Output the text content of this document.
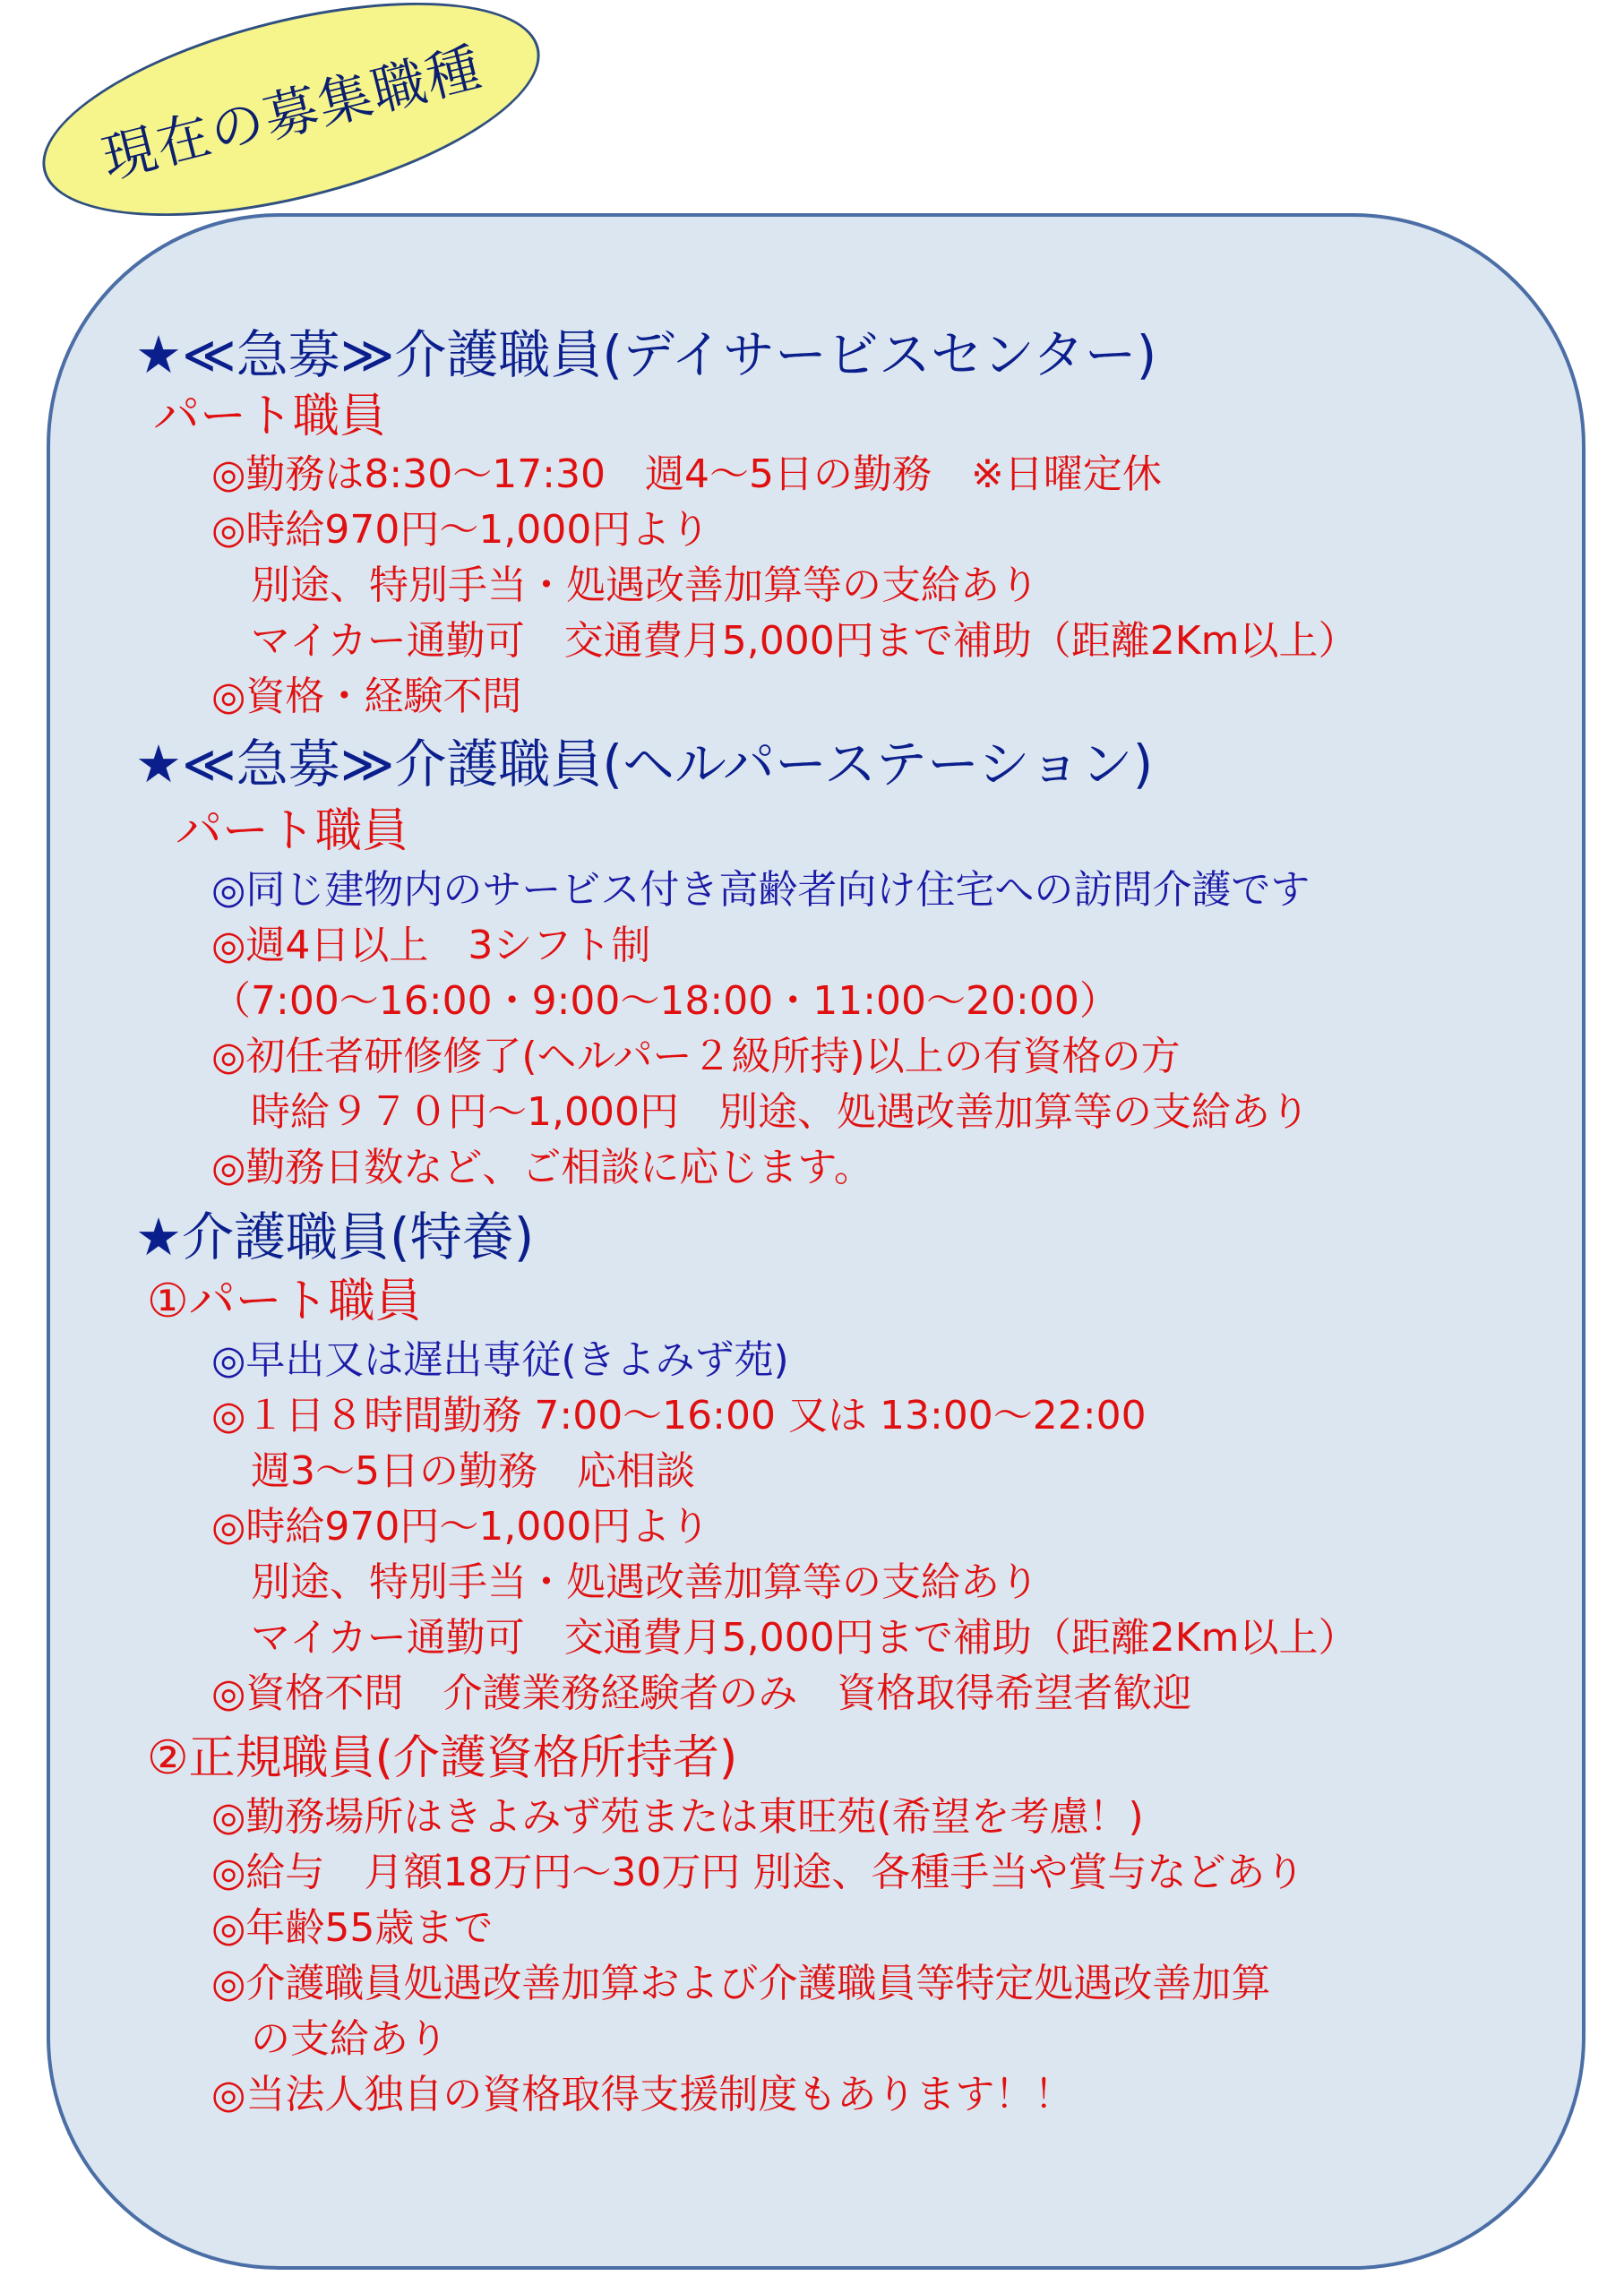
現在の募集職種
★≪急募≫介護職員(デイサービスセンター)
パート職員
◎勤務は8:30〜17:30　週4〜5日の勤務　※日曜定休
◎時給970円〜1,000円より
　別途、特別手当・処遇改善加算等の支給あり
　マイカー通勤可　交通費月5,000円まで補助（距離2Km以上）
◎資格・経験不問
★≪急募≫介護職員(ヘルパーステーション)
パート職員
◎同じ建物内のサービス付き高齢者向け住宅への訪問介護です
◎週4日以上　3シフト制
（7:00〜16:00・9:00〜18:00・11:00〜20:00）
◎初任者研修修了(ヘルパー２級所持)以上の有資格の方
　時給９７０円〜1,000円　別途、処遇改善加算等の支給あり
◎勤務日数など、ご相談に応じます。
★介護職員(特養)
①パート職員
◎早出又は遅出専従(きよみず苑)
◎１日８時間勤務 7:00〜16:00 又は 13:00〜22:00
　週3〜5日の勤務　応相談
◎時給970円〜1,000円より
　別途、特別手当・処遇改善加算等の支給あり
　マイカー通勤可　交通費月5,000円まで補助（距離2Km以上）
◎資格不問　介護業務経験者のみ　資格取得希望者歓迎
②正規職員(介護資格所持者)
◎勤務場所はきよみず苑または東旺苑(希望を考慮！)
◎給与　月額18万円〜30万円 別途、各種手当や賞与などあり
◎年齢55歳まで
◎介護職員処遇改善加算および介護職員等特定処遇改善加算
　の支給あり
◎当法人独自の資格取得支援制度もあります！！
